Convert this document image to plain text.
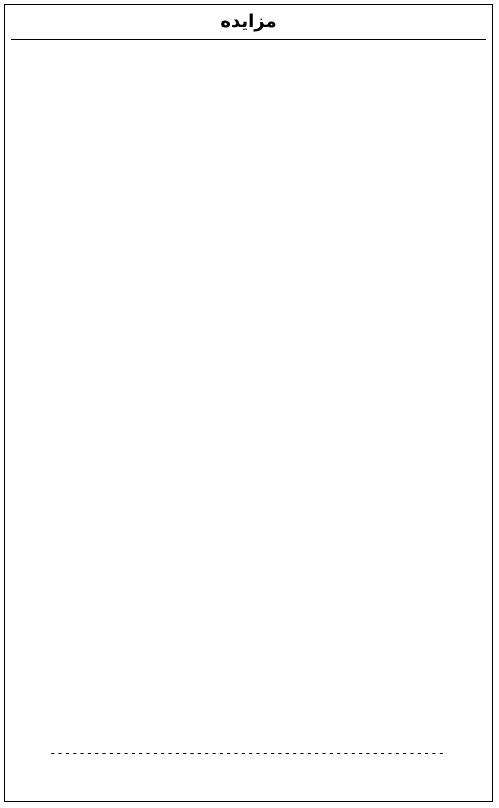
مزایده
------------------------------------------------------
